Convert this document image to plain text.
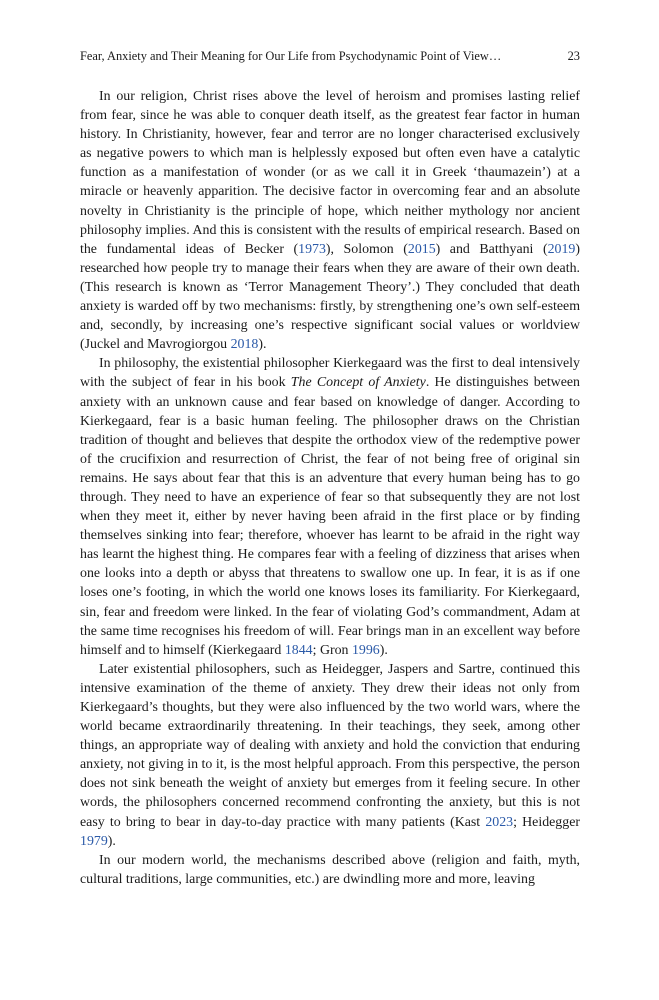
Fear, Anxiety and Their Meaning for Our Life from Psychodynamic Point of View…	23

In our religion, Christ rises above the level of heroism and promises lasting relief from fear, since he was able to conquer death itself, as the greatest fear factor in human history. In Christianity, however, fear and terror are no longer characterised exclusively as negative powers to which man is helplessly exposed but often even have a catalytic function as a manifestation of wonder (or as we call it in Greek ‘thaumazein’) at a miracle or heavenly apparition. The decisive factor in overcoming fear and an absolute novelty in Christianity is the principle of hope, which neither mythology nor ancient philosophy implies. And this is consistent with the results of empirical research. Based on the fundamental ideas of Becker (1973), Solomon (2015) and Batthyani (2019) researched how people try to manage their fears when they are aware of their own death. (This research is known as ‘Terror Management Theory’.) They concluded that death anxiety is warded off by two mechanisms: firstly, by strengthening one’s own self-esteem and, secondly, by increasing one’s respective significant social values or worldview (Juckel and Mavrogiorgou 2018).

In philosophy, the existential philosopher Kierkegaard was the first to deal intensively with the subject of fear in his book The Concept of Anxiety. He distinguishes between anxiety with an unknown cause and fear based on knowledge of danger. According to Kierkegaard, fear is a basic human feeling. The philosopher draws on the Christian tradition of thought and believes that despite the orthodox view of the redemptive power of the crucifixion and resurrection of Christ, the fear of not being free of original sin remains. He says about fear that this is an adventure that every human being has to go through. They need to have an experience of fear so that subsequently they are not lost when they meet it, either by never having been afraid in the first place or by finding themselves sinking into fear; therefore, whoever has learnt to be afraid in the right way has learnt the highest thing. He compares fear with a feeling of dizziness that arises when one looks into a depth or abyss that threatens to swallow one up. In fear, it is as if one loses one’s footing, in which the world one knows loses its familiarity. For Kierkegaard, sin, fear and freedom were linked. In the fear of violating God’s commandment, Adam at the same time recognises his freedom of will. Fear brings man in an excellent way before himself and to himself (Kierkegaard 1844; Gron 1996).

Later existential philosophers, such as Heidegger, Jaspers and Sartre, continued this intensive examination of the theme of anxiety. They drew their ideas not only from Kierkegaard’s thoughts, but they were also influenced by the two world wars, where the world became extraordinarily threatening. In their teachings, they seek, among other things, an appropriate way of dealing with anxiety and hold the conviction that enduring anxiety, not giving in to it, is the most helpful approach. From this perspective, the person does not sink beneath the weight of anxiety but emerges from it feeling secure. In other words, the philosophers concerned recommend confronting the anxiety, but this is not easy to bring to bear in day-to-day practice with many patients (Kast 2023; Heidegger 1979).

In our modern world, the mechanisms described above (religion and faith, myth, cultural traditions, large communities, etc.) are dwindling more and more, leaving
